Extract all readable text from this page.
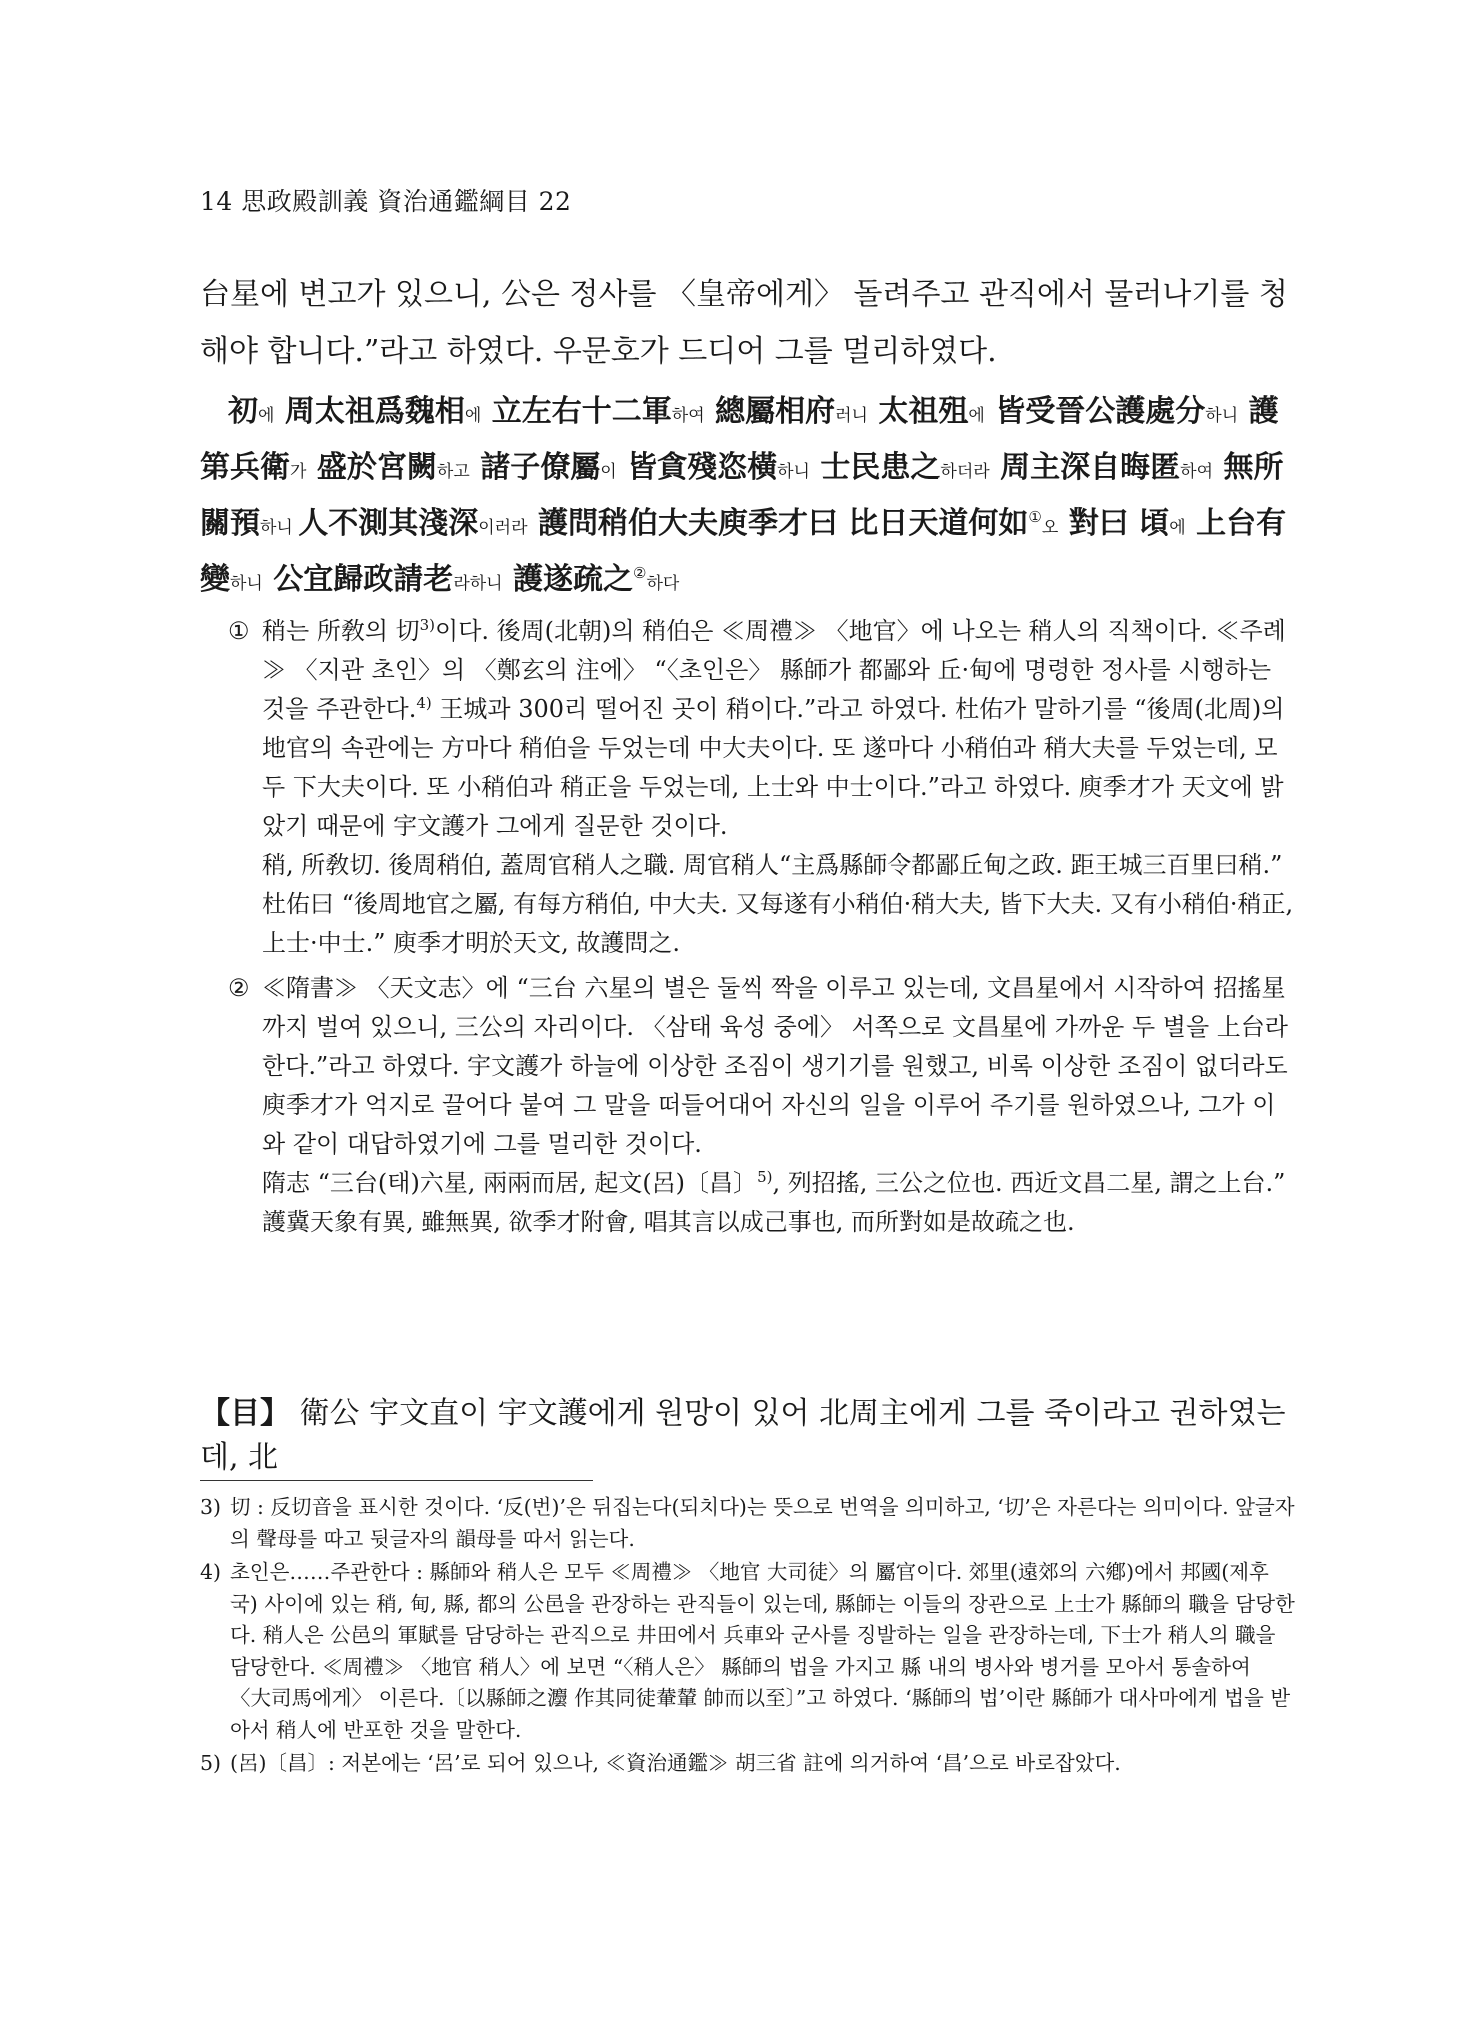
14 思政殿訓義 資治通鑑綱目 22
台星에 변고가 있으니, 公은 정사를 〈皇帝에게〉 돌려주고 관직에서 물러나기를 청해야 합니다.”라고 하였다. 우문호가 드디어 그를 멀리하였다.
初에 周太祖爲魏相에 立左右十二軍하여 總屬相府러니 太祖殂에 皆受晉公護處分하니 護第兵衛가 盛於宮闕하고 諸子僚屬이 皆貪殘恣橫하니 士民患之하더라 周主深自晦匿하여 無所關預하니 人不測其淺深이러라 護問稍伯大夫庾季才曰 比日天道何如①오 對曰 頃에 上台有變하니 公宜歸政請老라하니 護遂疏之②하다
① 稍는 所敎의 切$^{3)}$이다. 後周(北朝)의 稍伯은 ≪周禮≫ 〈地官〉에 나오는 稍人의 직책이다. ≪주례≫ 〈지관 초인〉의 〈鄭玄의 注에〉 “〈초인은〉 縣師가 都鄙와 丘·甸에 명령한 정사를 시행하는 것을 주관한다.$^{4)}$ 王城과 300리 떨어진 곳이 稍이다.”라고 하였다. 杜佑가 말하기를 “後周(北周)의 地官의 속관에는 方마다 稍伯을 두었는데 中大夫이다. 또 遂마다 小稍伯과 稍大夫를 두었는데, 모두 下大夫이다. 또 小稍伯과 稍正을 두었는데, 上士와 中士이다.”라고 하였다. 庾季才가 天文에 밝았기 때문에 宇文護가 그에게 질문한 것이다.
稍, 所敎切. 後周稍伯, 蓋周官稍人之職. 周官稍人“主爲縣師令都鄙丘甸之政. 距王城三百里曰稍.” 杜佑曰 “後周地官之屬, 有每方稍伯, 中大夫. 又每遂有小稍伯·稍大夫, 皆下大夫. 又有小稍伯·稍正, 上士·中士.” 庾季才明於天文, 故護問之.
② ≪隋書≫ 〈天文志〉에 “三台 六星의 별은 둘씩 짝을 이루고 있는데, 文昌星에서 시작하여 招搖星까지 벌여 있으니, 三公의 자리이다. 〈삼태 육성 중에〉 서쪽으로 文昌星에 가까운 두 별을 上台라 한다.”라고 하였다. 宇文護가 하늘에 이상한 조짐이 생기기를 원했고, 비록 이상한 조짐이 없더라도 庾季才가 억지로 끌어다 붙여 그 말을 떠들어대어 자신의 일을 이루어 주기를 원하였으나, 그가 이와 같이 대답하였기에 그를 멀리한 것이다.
隋志 “三台(태)六星, 兩兩而居, 起文(呂)〔昌〕$^{5)}$, 列招搖, 三公之位也. 西近文昌二星, 謂之上台.” 護冀天象有異, 雖無異, 欲季才附會, 唱其言以成己事也, 而所對如是故疏之也.
【目】 衛公 宇文直이 宇文護에게 원망이 있어 北周主에게 그를 죽이라고 권하였는데, 北
3) 切 : 反切音을 표시한 것이다. ‘反(번)’은 뒤집는다(되치다)는 뜻으로 번역을 의미하고, ‘切’은 자른다는 의미이다. 앞글자의 聲母를 따고 뒷글자의 韻母를 따서 읽는다.
4) 초인은……주관한다 : 縣師와 稍人은 모두 ≪周禮≫ 〈地官 大司徒〉의 屬官이다. 郊里(遠郊의 六鄕)에서 邦國(제후국) 사이에 있는 稍, 甸, 縣, 都의 公邑을 관장하는 관직들이 있는데, 縣師는 이들의 장관으로 上士가 縣師의 職을 담당한다. 稍人은 公邑의 軍賦를 담당하는 관직으로 井田에서 兵車와 군사를 징발하는 일을 관장하는데, 下士가 稍人의 職을 담당한다. ≪周禮≫ 〈地官 稍人〉에 보면 “〈稍人은〉 縣師의 법을 가지고 縣 내의 병사와 병거를 모아서 통솔하여 〈大司馬에게〉 이른다.〔以縣師之灋 作其同徒輂輦 帥而以至〕”고 하였다. ‘縣師의 법’이란 縣師가 대사마에게 법을 받아서 稍人에 반포한 것을 말한다.
5) (呂)〔昌〕: 저본에는 ‘呂’로 되어 있으나, ≪資治通鑑≫ 胡三省 註에 의거하여 ‘昌’으로 바로잡았다.
